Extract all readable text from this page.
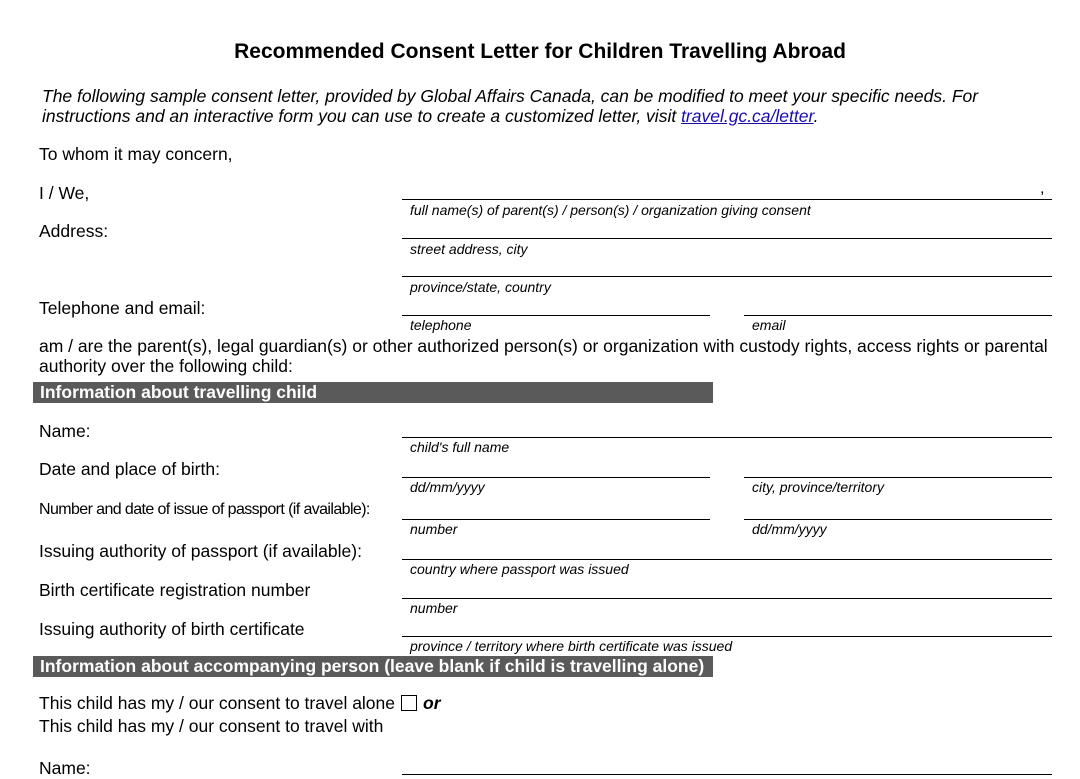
Recommended Consent Letter for Children Travelling Abroad
The following sample consent letter, provided by Global Affairs Canada, can be modified to meet your specific needs. For instructions and an interactive form you can use to create a customized letter, visit travel.gc.ca/letter.
To whom it may concern,
I / We,	,
full name(s) of parent(s) / person(s) / organization giving consent
Address:
street address, city
province/state, country
Telephone and email:
telephone	email
am / are the parent(s), legal guardian(s) or other authorized person(s) or organization with custody rights, access rights or parental authority over the following child:
Information about travelling child
Name:
child's full name
Date and place of birth:
dd/mm/yyyy	city, province/territory
Number and date of issue of passport (if available):
number	dd/mm/yyyy
Issuing authority of passport (if available):
country where passport was issued
Birth certificate registration number
number
Issuing authority of birth certificate
province / territory where birth certificate was issued
Information about accompanying person (leave blank if child is travelling alone)
This child has my / our consent to travel alone or
This child has my / our consent to travel with
Name:
